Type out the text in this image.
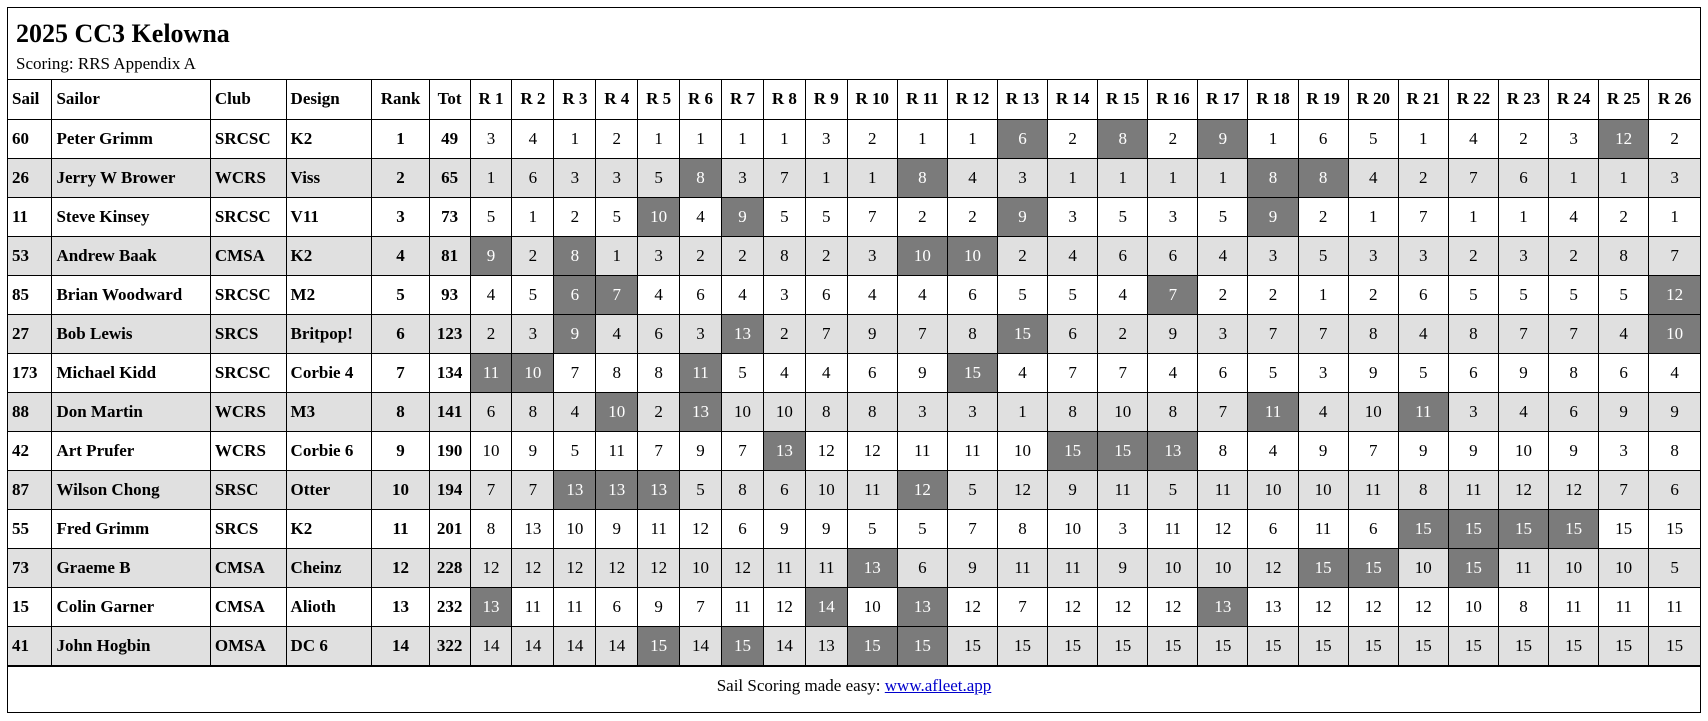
2025 CC3 Kelowna
Scoring: RRS Appendix A
Sail	Sailor	Club	Design	Rank	Tot	R 1	R 2	R 3	R 4	R 5	R 6	R 7	R 8	R 9	R 10	R 11	R 12	R 13	R 14	R 15	R 16	R 17	R 18	R 19	R 20	R 21	R 22	R 23	R 24	R 25	R 26
60	Peter Grimm	SRCSC	K2	1	49	3	4	1	2	1	1	1	1	3	2	1	1	6	2	8	2	9	1	6	5	1	4	2	3	12	2
26	Jerry W Brower	WCRS	Viss	2	65	1	6	3	3	5	8	3	7	1	1	8	4	3	1	1	1	1	8	8	4	2	7	6	1	1	3
11	Steve Kinsey	SRCSC	V11	3	73	5	1	2	5	10	4	9	5	5	7	2	2	9	3	5	3	5	9	2	1	7	1	1	4	2	1
53	Andrew Baak	CMSA	K2	4	81	9	2	8	1	3	2	2	8	2	3	10	10	2	4	6	6	4	3	5	3	3	2	3	2	8	7
85	Brian Woodward	SRCSC	M2	5	93	4	5	6	7	4	6	4	3	6	4	4	6	5	5	4	7	2	2	1	2	6	5	5	5	5	12
27	Bob Lewis	SRCS	Britpop!	6	123	2	3	9	4	6	3	13	2	7	9	7	8	15	6	2	9	3	7	7	8	4	8	7	7	4	10
173	Michael Kidd	SRCSC	Corbie 4	7	134	11	10	7	8	8	11	5	4	4	6	9	15	4	7	7	4	6	5	3	9	5	6	9	8	6	4
88	Don Martin	WCRS	M3	8	141	6	8	4	10	2	13	10	10	8	8	3	3	1	8	10	8	7	11	4	10	11	3	4	6	9	9
42	Art Prufer	WCRS	Corbie 6	9	190	10	9	5	11	7	9	7	13	12	12	11	11	10	15	15	13	8	4	9	7	9	9	10	9	3	8
87	Wilson Chong	SRSC	Otter	10	194	7	7	13	13	13	5	8	6	10	11	12	5	12	9	11	5	11	10	10	11	8	11	12	12	7	6
55	Fred Grimm	SRCS	K2	11	201	8	13	10	9	11	12	6	9	9	5	5	7	8	10	3	11	12	6	11	6	15	15	15	15	15	15
73	Graeme B	CMSA	Cheinz	12	228	12	12	12	12	12	10	12	11	11	13	6	9	11	11	9	10	10	12	15	15	10	15	11	10	10	5
15	Colin Garner	CMSA	Alioth	13	232	13	11	11	6	9	7	11	12	14	10	13	12	7	12	12	12	13	13	12	12	12	10	8	11	11	11
41	John Hogbin	OMSA	DC 6	14	322	14	14	14	14	15	14	15	14	13	15	15	15	15	15	15	15	15	15	15	15	15	15	15	15	15	15
Sail Scoring made easy: www.afleet.app
